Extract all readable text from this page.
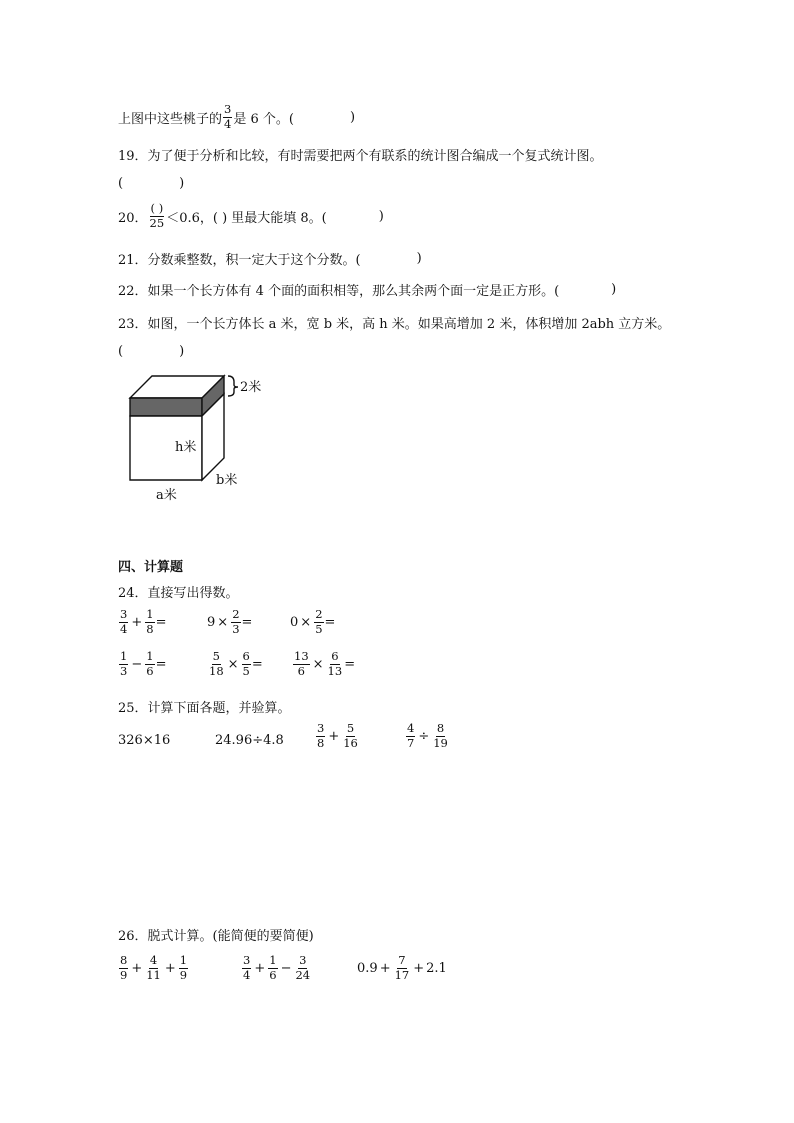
上图中这些桃子的 $\frac{3}{4}$ 是 6 个。(	)
19．为了便于分析和比较，有时需要把两个有联系的统计图合编成一个复式统计图。
(	)
20． $\frac{( )}{25} <0.6$，( ) 里最大能填 8。(	)
21．分数乘整数，积一定大于这个分数。(	)
22．如果一个长方体有 4 个面的面积相等，那么其余两个面一定是正方形。(	)
23．如图，一个长方体长 a 米，宽 b 米，高 h 米。如果高增加 2 米，体积增加 2abh 立方米。
(	)
2米
h米
b米
a米
四、计算题
24．直接写出得数。
$\frac{3}{4} + \frac{1}{8}$ =	$9 \times \frac{2}{3}$ =	$0 \times \frac{2}{5}$ =
$\frac{1}{3} - \frac{1}{6}$ =	$\frac{5}{18} \times \frac{6}{5}$ =	$\frac{13}{6} \times \frac{6}{13}$ =
25．计算下面各题，并验算。
326×16	24.96÷4.8	$\frac{3}{8} + \frac{5}{16}$	$\frac{4}{7} \div \frac{8}{19}$
26．脱式计算。(能简便的要简便)
$\frac{8}{9} + \frac{4}{11} + \frac{1}{9}$	$\frac{3}{4} + \frac{1}{6} - \frac{3}{24}$	$0.9 + \frac{7}{17} + 2.1$
